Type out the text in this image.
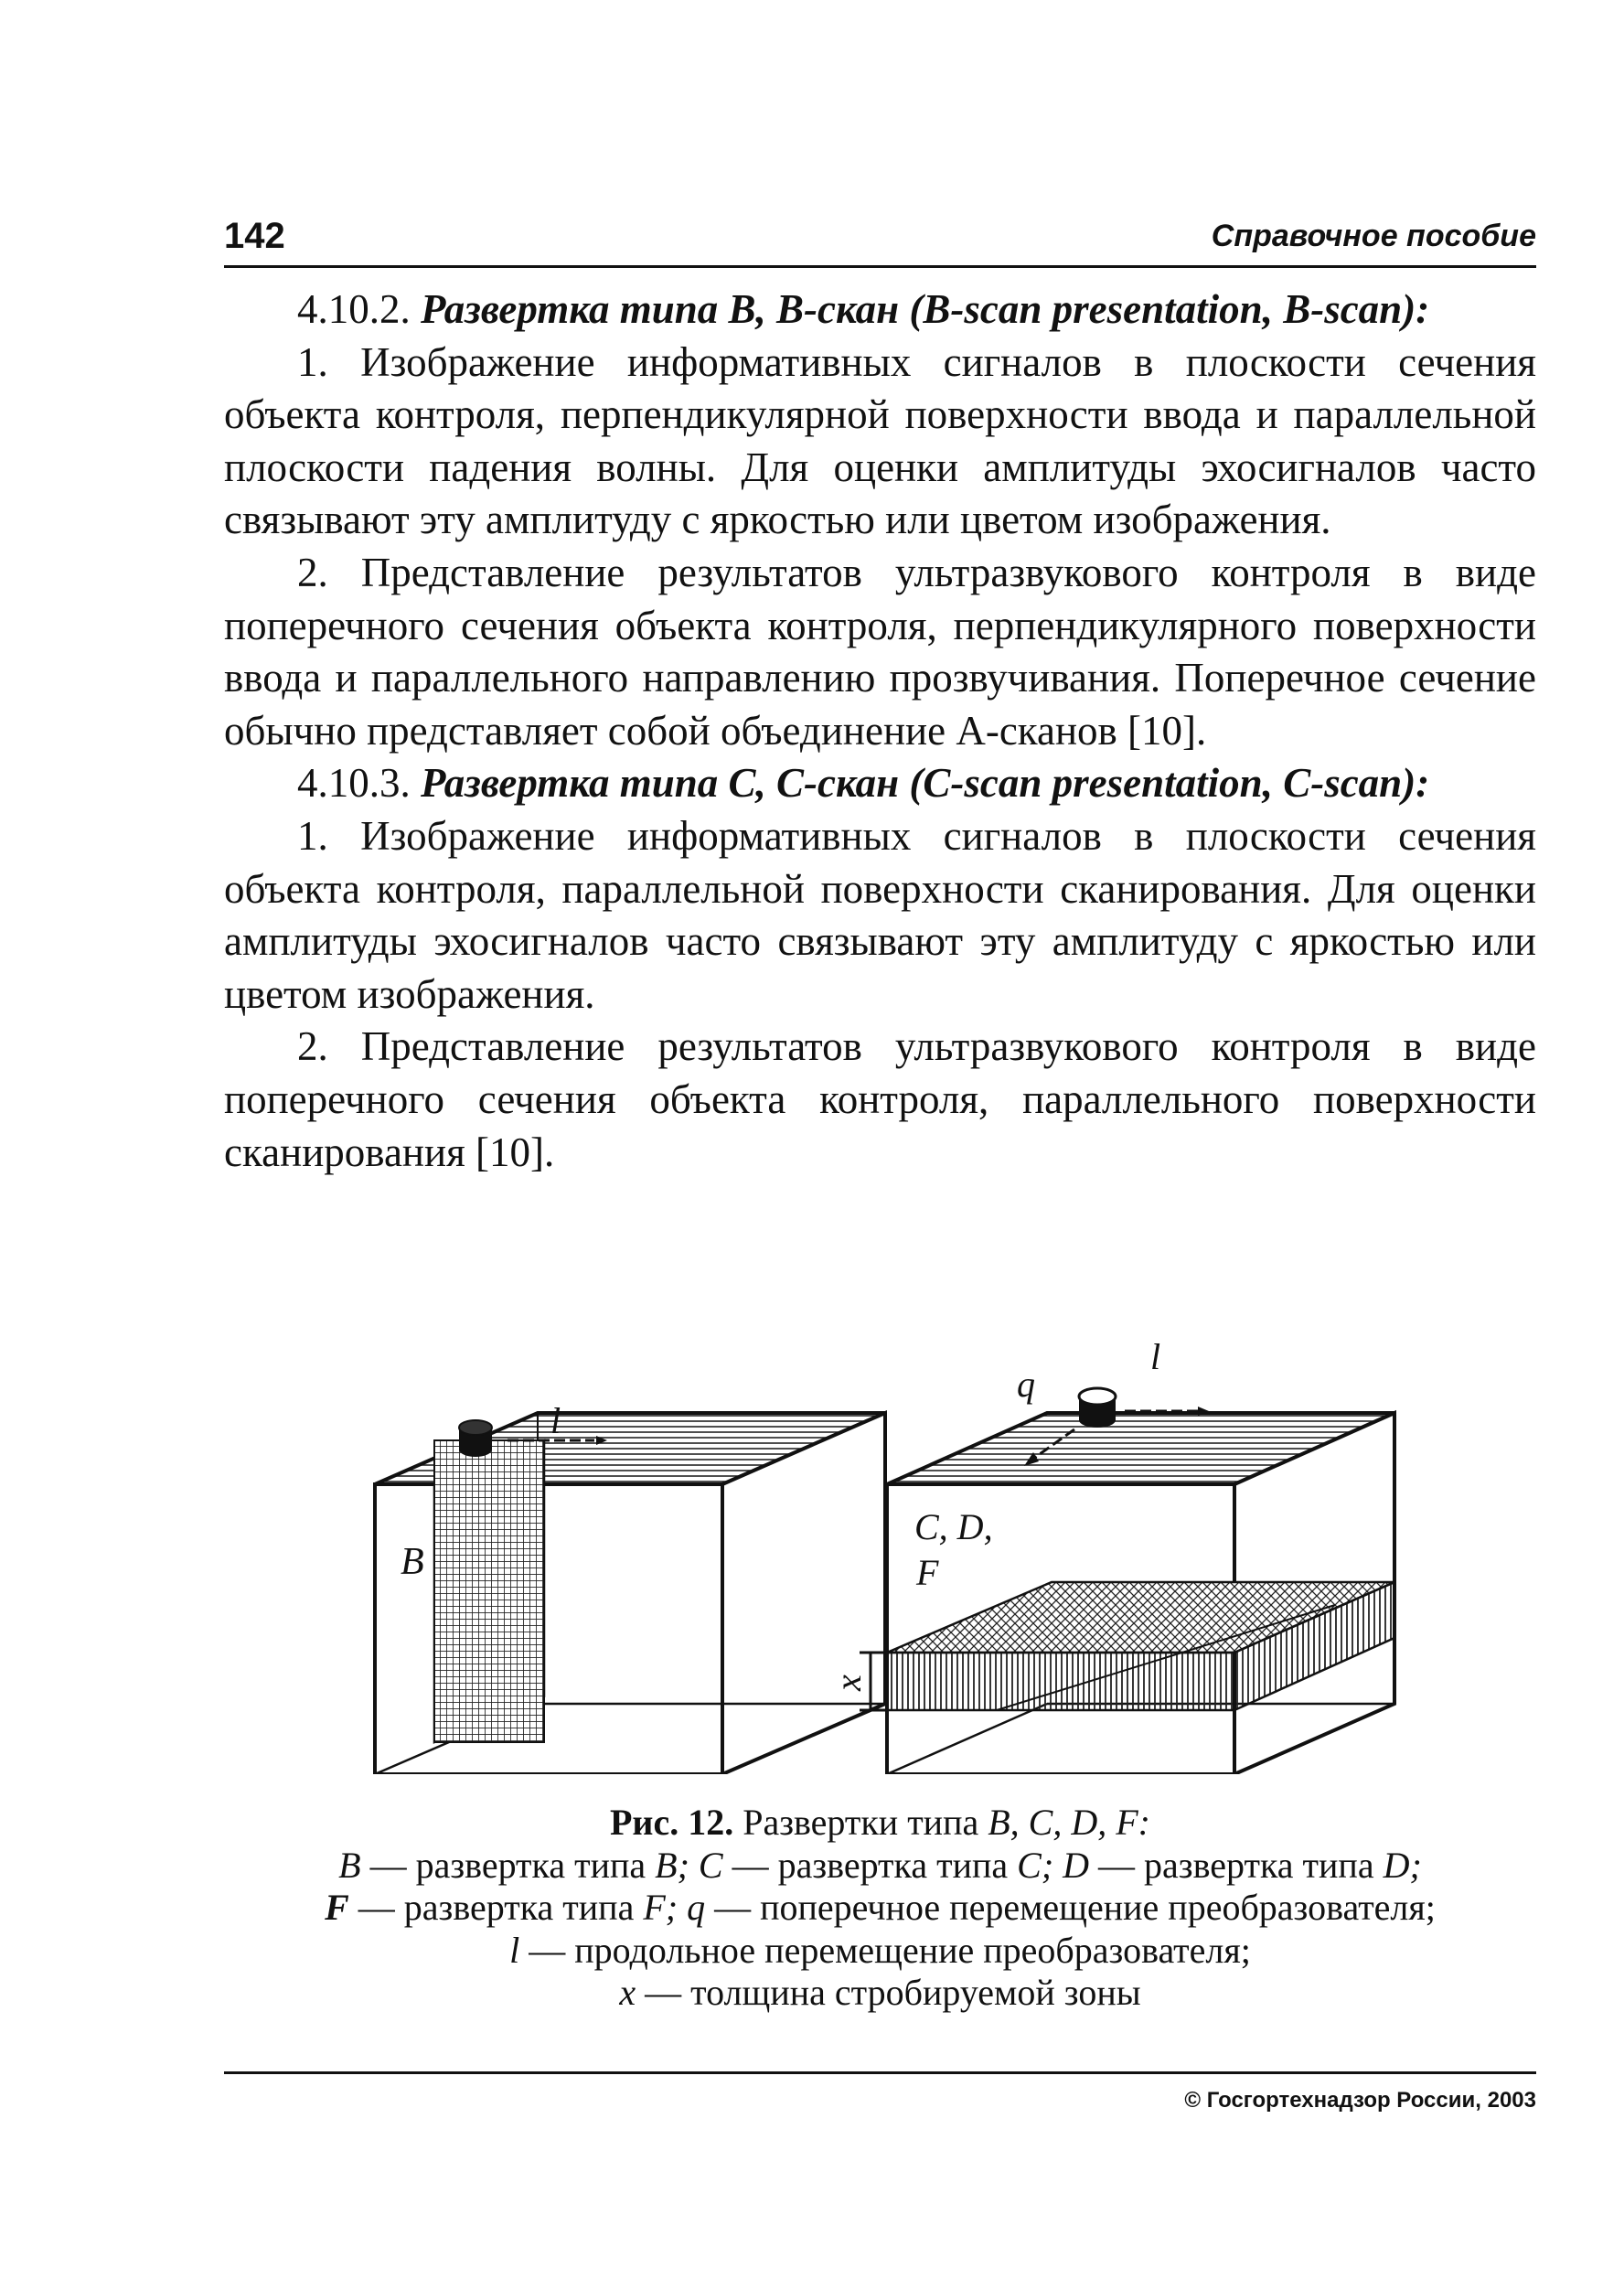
142	Справочное пособие

4.10.2. Развертка типа B, B-скан (B-scan presentation, B-scan):

1. Изображение информативных сигналов в плоскости сечения объекта контроля, перпендикулярной поверхности ввода и параллельной плоскости падения волны. Для оценки амплитуды эхосигналов часто связывают эту амплитуду с яркостью или цветом изображения.

2. Представление результатов ультразвукового контроля в виде поперечного сечения объекта контроля, перпендикулярного поверхности ввода и параллельного направлению прозвучивания. Поперечное сечение обычно представляет собой объединение А-сканов [10].

4.10.3. Развертка типа С, С-скан (С-scan presentation, С-scan):

1. Изображение информативных сигналов в плоскости сечения объекта контроля, параллельной поверхности сканирования. Для оценки амплитуды эхосигналов часто связывают эту амплитуду с яркостью или цветом изображения.

2. Представление результатов ультразвукового контроля в виде поперечного сечения объекта контроля, параллельного поверхности сканирования [10].

l
B
l
q
C, D,
F
x
Рис. 12. Развертки типа B, C, D, F:
B — развертка типа B; C — развертка типа C; D — развертка типа D;
F — развертка типа F; q — поперечное перемещение преобразователя;
l — продольное перемещение преобразователя;
x — толщина стробируемой зоны
© Госгортехнадзор России, 2003
